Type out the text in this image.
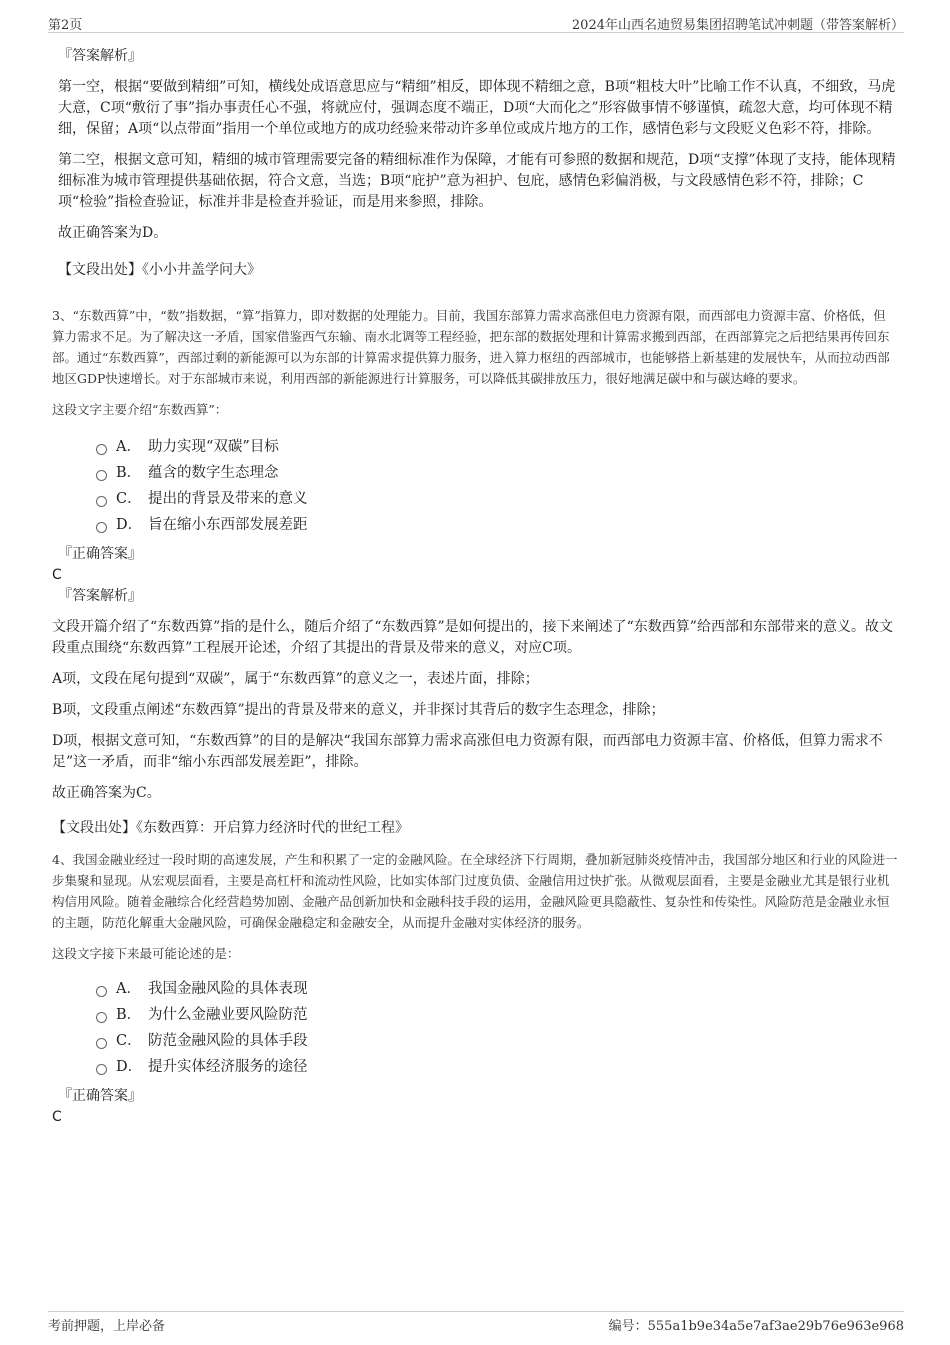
第2页	2024年山西名迪贸易集团招聘笔试冲刺题（带答案解析）
『答案解析』

第一空，根据“要做到精细”可知，横线处成语意思应与“精细”相反，即体现不精细之意，B项“粗枝大叶”比喻工作不认真，不细致，马虎大意，C项“敷衍了事”指办事责任心不强，将就应付，强调态度不端正，D项“大而化之”形容做事情不够谨慎，疏忽大意，均可体现不精细，保留；A项“以点带面”指用一个单位或地方的成功经验来带动许多单位或成片地方的工作，感情色彩与文段贬义色彩不符，排除。

第二空，根据文意可知，精细的城市管理需要完备的精细标准作为保障，才能有可参照的数据和规范，D项“支撑”体现了支持，能体现精细标准为城市管理提供基础依据，符合文意，当选；B项“庇护”意为袒护、包庇，感情色彩偏消极，与文段感情色彩不符，排除；C项“检验”指检查验证，标准并非是检查并验证，而是用来参照，排除。

故正确答案为D。

【文段出处】《小小井盖学问大》

3、“东数西算”中，“数”指数据，“算”指算力，即对数据的处理能力。目前，我国东部算力需求高涨但电力资源有限，而西部电力资源丰富、价格低，但算力需求不足。为了解决这一矛盾，国家借鉴西气东输、南水北调等工程经验，把东部的数据处理和计算需求搬到西部，在西部算完之后把结果再传回东部。通过“东数西算”，西部过剩的新能源可以为东部的计算需求提供算力服务，进入算力枢纽的西部城市，也能够搭上新基建的发展快车，从而拉动西部地区GDP快速增长。对于东部城市来说，利用西部的新能源进行计算服务，可以降低其碳排放压力，很好地满足碳中和与碳达峰的要求。

这段文字主要介绍“东数西算”：

A． 助力实现“双碳”目标
B． 蕴含的数字生态理念
C． 提出的背景及带来的意义
D． 旨在缩小东西部发展差距
『正确答案』
C
『答案解析』

文段开篇介绍了“东数西算”指的是什么，随后介绍了“东数西算”是如何提出的，接下来阐述了“东数西算”给西部和东部带来的意义。故文段重点围绕“东数西算”工程展开论述，介绍了其提出的背景及带来的意义，对应C项。

A项，文段在尾句提到“双碳”，属于“东数西算”的意义之一，表述片面，排除；

B项，文段重点阐述“东数西算”提出的背景及带来的意义，并非探讨其背后的数字生态理念，排除；

D项，根据文意可知，“东数西算”的目的是解决“我国东部算力需求高涨但电力资源有限，而西部电力资源丰富、价格低，但算力需求不足”这一矛盾，而非“缩小东西部发展差距”，排除。

故正确答案为C。

【文段出处】《东数西算：开启算力经济时代的世纪工程》

4、我国金融业经过一段时期的高速发展，产生和积累了一定的金融风险。在全球经济下行周期，叠加新冠肺炎疫情冲击，我国部分地区和行业的风险进一步集聚和显现。从宏观层面看，主要是高杠杆和流动性风险，比如实体部门过度负债、金融信用过快扩张。从微观层面看，主要是金融业尤其是银行业机构信用风险。随着金融综合化经营趋势加剧、金融产品创新加快和金融科技手段的运用，金融风险更具隐蔽性、复杂性和传染性。风险防范是金融业永恒的主题，防范化解重大金融风险，可确保金融稳定和金融安全，从而提升金融对实体经济的服务。

这段文字接下来最可能论述的是：

A． 我国金融风险的具体表现
B． 为什么金融业要风险防范
C． 防范金融风险的具体手段
D． 提升实体经济服务的途径
『正确答案』
C
考前押题，上岸必备	编号：555a1b9e34a5e7af3ae29b76e963e968
